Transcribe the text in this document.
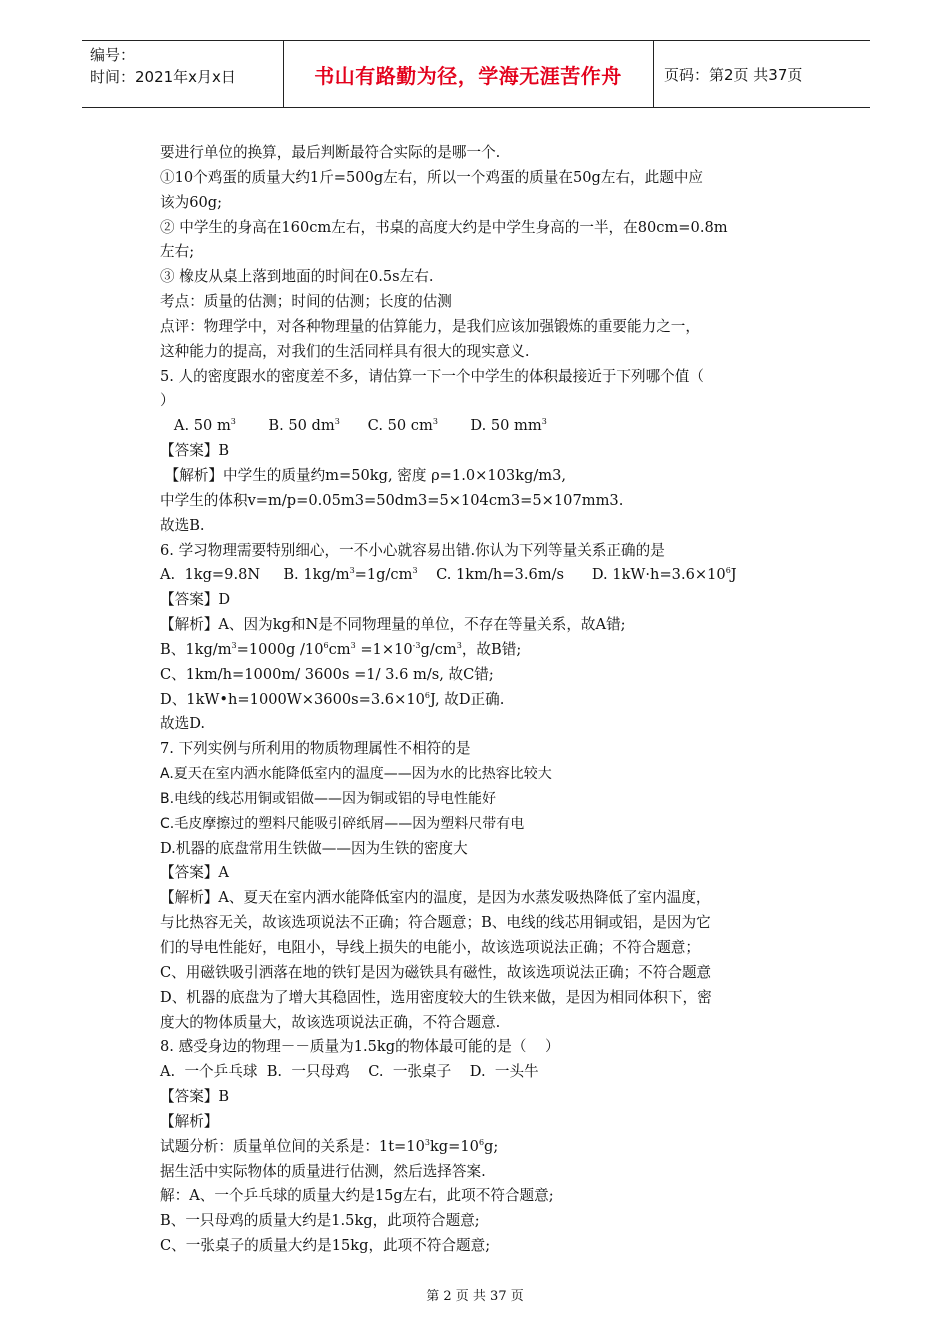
编号：
时间：2021年x月x日	书山有路勤为径，学海无涯苦作舟	页码：第2页 共37页

要进行单位的换算，最后判断最符合实际的是哪一个.

①10个鸡蛋的质量大约1斤=500g左右，所以一个鸡蛋的质量在50g左右，此题中应

该为60g;

② 中学生的身高在160cm左右，书桌的高度大约是中学生身高的一半，在80cm=0.8m

左右;

③ 橡皮从桌上落到地面的时间在0.5s左右.

考点：质量的估测；时间的估测；长度的估测

点评：物理学中，对各种物理量的估算能力，是我们应该加强锻炼的重要能力之一，

这种能力的提高，对我们的生活同样具有很大的现实意义.

5. 人的密度跟水的密度差不多，请估算一下一个中学生的体积最接近于下列哪个值（

）

A. 50 $m^3$       B. 50 $dm^3$      C. 50 $cm^3$       D. 50 $mm^3$

【答案】B

【解析】中学生的质量约m=50kg, 密度 ρ=1.0×103kg/m3,

中学生的体积v=m/p=0.05m3=50dm3=5×104cm3=5×107mm3.

故选B.

6. 学习物理需要特别细心，一不小心就容易出错.你认为下列等量关系正确的是

A.  1kg=9.8N     B. $1kg/m^3=1g/cm^3$    C. 1km/h=3.6m/s      D. $1kW\cdot h=3.6\times 10^6J$

【答案】D

【解析】A、因为kg和N是不同物理量的单位，不存在等量关系，故A错;

B、$1kg/m^3=1000g$ $/10^6cm^3 =1\times 10^{-3}g/cm^3$，故B错;

C、1km/h=1000m/ 3600s =1/ 3.6 m/s, 故C错;

D、$1kW•h=1000W\times 3600s=3.6\times 10^6J$, 故D正确.

故选D.

7. 下列实例与所利用的物质物理属性不相符的是

A.夏天在室内洒水能降低室内的温度——因为水的比热容比较大

B.电线的线芯用铜或铝做——因为铜或铝的导电性能好

C.毛皮摩擦过的塑料尺能吸引碎纸屑——因为塑料尺带有电

D.机器的底盘常用生铁做——因为生铁的密度大

【答案】A

【解析】A、夏天在室内洒水能降低室内的温度，是因为水蒸发吸热降低了室内温度，

与比热容无关，故该选项说法不正确；符合题意；B、电线的线芯用铜或铝，是因为它

们的导电性能好，电阻小，导线上损失的电能小，故该选项说法正确；不符合题意；

C、用磁铁吸引洒落在地的铁钉是因为磁铁具有磁性，故该选项说法正确；不符合题意

D、机器的底盘为了增大其稳固性，选用密度较大的生铁来做，是因为相同体积下，密

度大的物体质量大，故该选项说法正确，不符合题意.

8. 感受身边的物理－－质量为1.5kg的物体最可能的是（    ）

A.  一个乒乓球  B.  一只母鸡    C.  一张桌子    D.  一头牛

【答案】B

【解析】

试题分析：质量单位间的关系是：$1t=10^3kg=10^6g$;

据生活中实际物体的质量进行估测，然后选择答案.

解：A、一个乒乓球的质量大约是15g左右，此项不符合题意;

B、一只母鸡的质量大约是1.5kg，此项符合题意;

C、一张桌子的质量大约是15kg，此项不符合题意;

第 2 页 共 37 页
